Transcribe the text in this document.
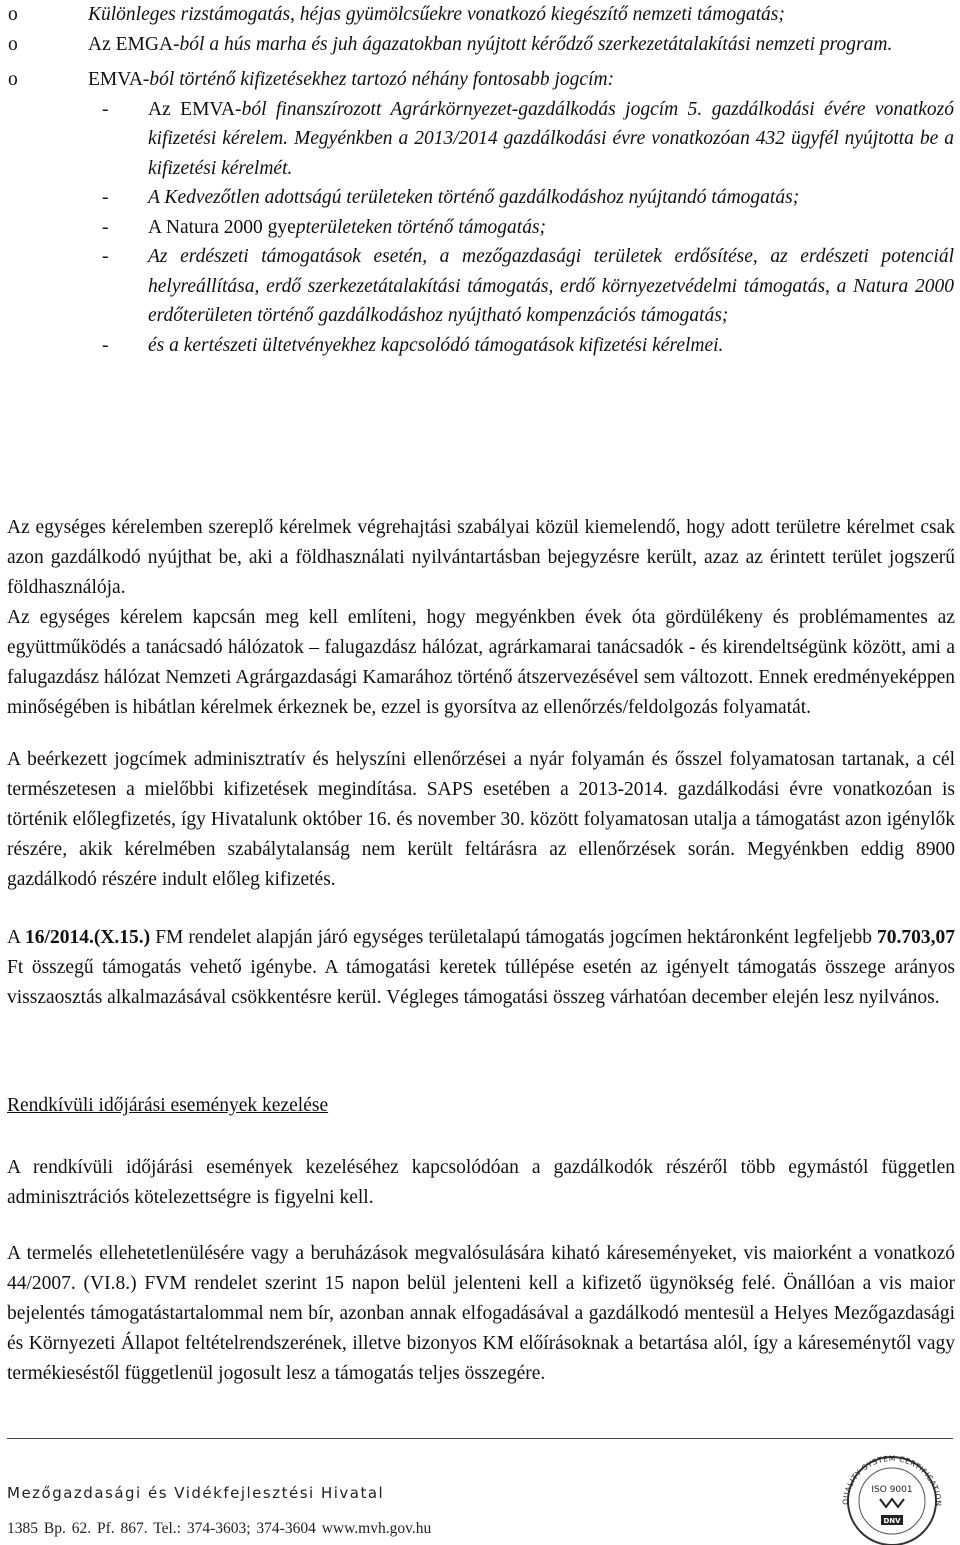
o	Különleges rizstámogatás, héjas gyümölcsűekre vonatkozó kiegészítő nemzeti támogatás;
o	Az EMGA-ból a hús marha és juh ágazatokban nyújtott kérődző szerkezetátalakítási nemzeti program.
o	EMVA-ból történő kifizetésekhez tartozó néhány fontosabb jogcím:
- Az EMVA-ból finanszírozott Agrárkörnyezet-gazdálkodás jogcím 5. gazdálkodási évére vonatkozó kifizetési kérelem. Megyénkben a 2013/2014 gazdálkodási évre vonatkozóan 432 ügyfél nyújtotta be a kifizetési kérelmét.
- A Kedvezőtlen adottságú területeken történő gazdálkodáshoz nyújtandó támogatás;
- A Natura 2000 gyepterületeken történő támogatás;
- Az erdészeti támogatások esetén, a mezőgazdasági területek erdősítése, az erdészeti potenciál helyreállítása, erdő szerkezetátalakítási támogatás, erdő környezetvédelmi támogatás, a Natura 2000 erdőterületen történő gazdálkodáshoz nyújtható kompenzációs támogatás;
- és a kertészeti ültetvényekhez kapcsolódó támogatások kifizetési kérelmei.
Az egységes kérelemben szereplő kérelmek végrehajtási szabályai közül kiemelendő, hogy adott területre kérelmet csak azon gazdálkodó nyújthat be, aki a földhasználati nyilvántartásban bejegyzésre került, azaz az érintett terület jogszerű földhasználója.
Az egységes kérelem kapcsán meg kell említeni, hogy megyénkben évek óta gördülékeny és problémamentes az együttműködés a tanácsadó hálózatok – falugazdász hálózat, agrárkamarai tanácsadók - és kirendeltségünk között, ami a falugazdász hálózat Nemzeti Agrárgazdasági Kamarához történő átszervezésével sem változott. Ennek eredményeképpen minőségében is hibátlan kérelmek érkeznek be, ezzel is gyorsítva az ellenőrzés/feldolgozás folyamatát.
A beérkezett jogcímek adminisztratív és helyszíni ellenőrzései a nyár folyamán és ősszel folyamatosan tartanak, a cél természetesen a mielőbbi kifizetések megindítása. SAPS esetében a 2013-2014. gazdálkodási évre vonatkozóan is történik előlegfizetés, így Hivatalunk október 16. és november 30. között folyamatosan utalja a támogatást azon igénylők részére, akik kérelmében szabálytalanság nem került feltárásra az ellenőrzések során. Megyénkben eddig 8900 gazdálkodó részére indult előleg kifizetés.
A 16/2014.(X.15.) FM rendelet alapján járó egységes területalapú támogatás jogcímen hektáronként legfeljebb 70.703,07 Ft összegű támogatás vehető igénybe. A támogatási keretek túllépése esetén az igényelt támogatás összege arányos visszaosztás alkalmazásával csökkentésre kerül. Végleges támogatási összeg várhatóan december elején lesz nyilvános.
Rendkívüli időjárási események kezelése
A rendkívüli időjárási események kezeléséhez kapcsolódóan a gazdálkodók részéről több egymástól független adminisztrációs kötelezettségre is figyelni kell.
A termelés ellehetetlenülésére vagy a beruházások megvalósulására kiható káreseményeket, vis maiorként a vonatkozó 44/2007. (VI.8.) FVM rendelet szerint 15 napon belül jelenteni kell a kifizető ügynökség felé. Önállóan a vis maior bejelentés támogatástartalommal nem bír, azonban annak elfogadásával a gazdálkodó mentesül a Helyes Mezőgazdasági és Környezeti Állapot feltételrendszerének, illetve bizonyos KM előírásoknak a betartása alól, így a káreseménytől vagy termékieséstől függetlenül jogosult lesz a támogatás teljes összegére.
Mezőgazdasági és Vidékfejlesztési Hivatal
1385 Bp. 62. Pf. 867. Tel.: 374-3603; 374-3604 www.mvh.gov.hu
QUALITY SYSTEM CERTIFICATION
ISO 9001
DNV
